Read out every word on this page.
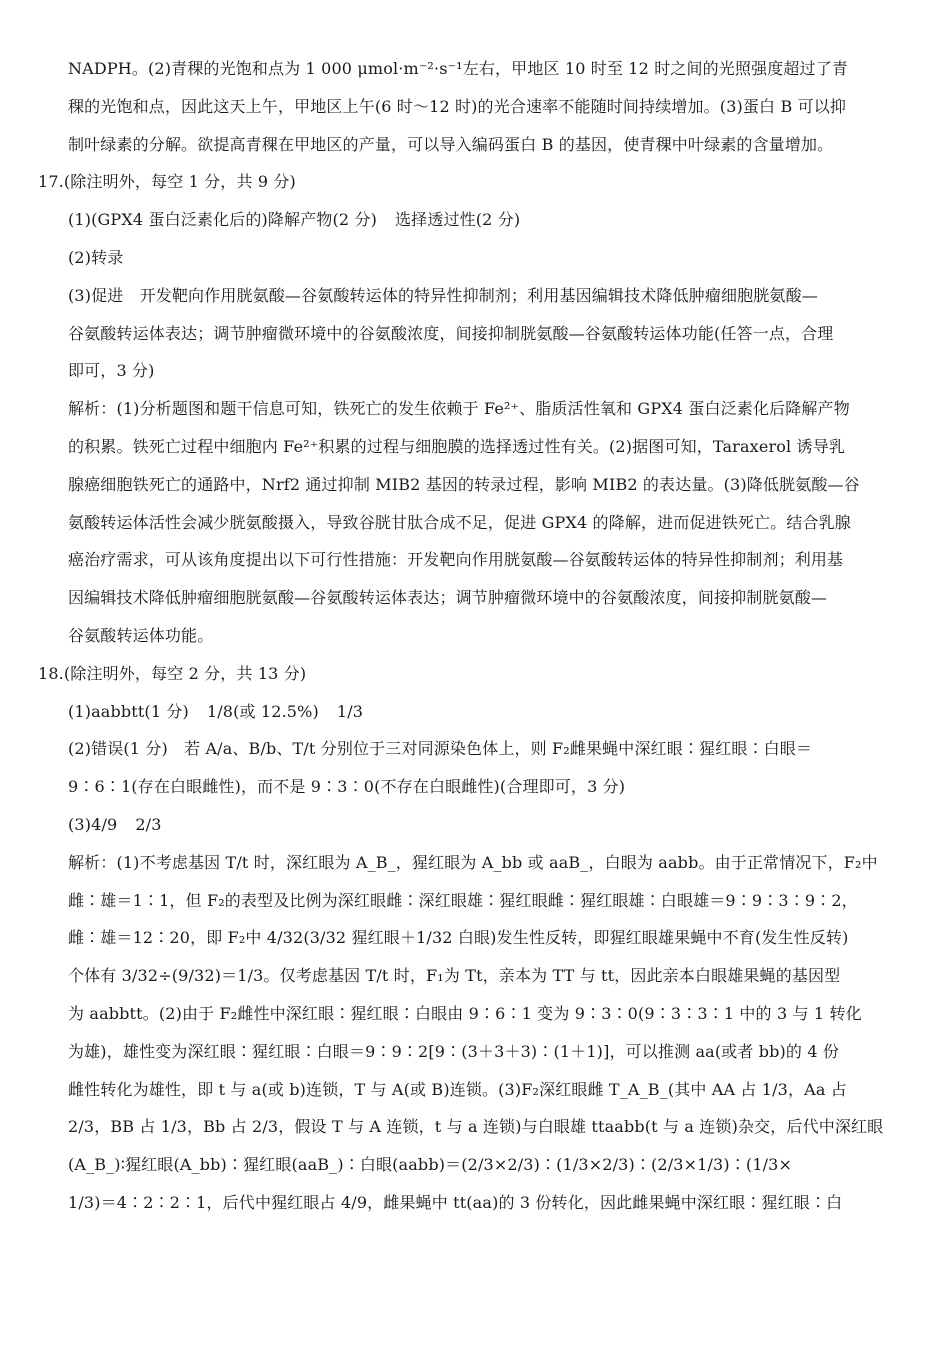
NADPH。(2)青稞的光饱和点为 1 000 μmol·m⁻²·s⁻¹左右，甲地区 10 时至 12 时之间的光照强度超过了青
稞的光饱和点，因此这天上午，甲地区上午(6 时～12 时)的光合速率不能随时间持续增加。(3)蛋白 B 可以抑
制叶绿素的分解。欲提高青稞在甲地区的产量，可以导入编码蛋白 B 的基因，使青稞中叶绿素的含量增加。
17.(除注明外，每空 1 分，共 9 分)
(1)(GPX4 蛋白泛素化后的)降解产物(2 分) 选择透过性(2 分)
(2)转录
(3)促进　开发靶向作用胱氨酸—谷氨酸转运体的特异性抑制剂；利用基因编辑技术降低肿瘤细胞胱氨酸—
谷氨酸转运体表达；调节肿瘤微环境中的谷氨酸浓度，间接抑制胱氨酸—谷氨酸转运体功能(任答一点，合理
即可，3 分)
解析：(1)分析题图和题干信息可知，铁死亡的发生依赖于 Fe²⁺、脂质活性氧和 GPX4 蛋白泛素化后降解产物
的积累。铁死亡过程中细胞内 Fe²⁺积累的过程与细胞膜的选择透过性有关。(2)据图可知，Taraxerol 诱导乳
腺癌细胞铁死亡的通路中，Nrf2 通过抑制 MIB2 基因的转录过程，影响 MIB2 的表达量。(3)降低胱氨酸—谷
氨酸转运体活性会减少胱氨酸摄入，导致谷胱甘肽合成不足，促进 GPX4 的降解，进而促进铁死亡。结合乳腺
癌治疗需求，可从该角度提出以下可行性措施：开发靶向作用胱氨酸—谷氨酸转运体的特异性抑制剂；利用基
因编辑技术降低肿瘤细胞胱氨酸—谷氨酸转运体表达；调节肿瘤微环境中的谷氨酸浓度，间接抑制胱氨酸—
谷氨酸转运体功能。
18.(除注明外，每空 2 分，共 13 分)
(1)aabbtt(1 分) 1/8(或 12.5%) 1/3
(2)错误(1 分)　若 A/a、B/b、T/t 分别位于三对同源染色体上，则 F₂雌果蝇中深红眼∶猩红眼∶白眼＝
9∶6∶1(存在白眼雌性)，而不是 9∶3∶0(不存在白眼雌性)(合理即可，3 分)
(3)4/9 2/3
解析：(1)不考虑基因 T/t 时，深红眼为 A_B_，猩红眼为 A_bb 或 aaB_，白眼为 aabb。由于正常情况下，F₂中
雌∶雄＝1∶1，但 F₂的表型及比例为深红眼雌∶深红眼雄∶猩红眼雌∶猩红眼雄∶白眼雄＝9∶9∶3∶9∶2，
雌∶雄＝12∶20，即 F₂中 4/32(3/32 猩红眼＋1/32 白眼)发生性反转，即猩红眼雄果蝇中不育(发生性反转)
个体有 3/32÷(9/32)＝1/3。仅考虑基因 T/t 时，F₁为 Tt，亲本为 TT 与 tt，因此亲本白眼雄果蝇的基因型
为 aabbtt。(2)由于 F₂雌性中深红眼∶猩红眼∶白眼由 9∶6∶1 变为 9∶3∶0(9∶3∶3∶1 中的 3 与 1 转化
为雄)，雄性变为深红眼∶猩红眼∶白眼＝9∶9∶2[9∶(3＋3＋3)∶(1＋1)]，可以推测 aa(或者 bb)的 4 份
雌性转化为雄性，即 t 与 a(或 b)连锁，T 与 A(或 B)连锁。(3)F₂深红眼雌 T_A_B_(其中 AA 占 1/3，Aa 占
2/3，BB 占 1/3，Bb 占 2/3，假设 T 与 A 连锁，t 与 a 连锁)与白眼雄 ttaabb(t 与 a 连锁)杂交，后代中深红眼
(A_B_)∶猩红眼(A_bb)∶猩红眼(aaB_)∶白眼(aabb)＝(2/3×2/3)∶(1/3×2/3)∶(2/3×1/3)∶(1/3×
1/3)＝4∶2∶2∶1，后代中猩红眼占 4/9，雌果蝇中 tt(aa)的 3 份转化，因此雌果蝇中深红眼∶猩红眼∶白
